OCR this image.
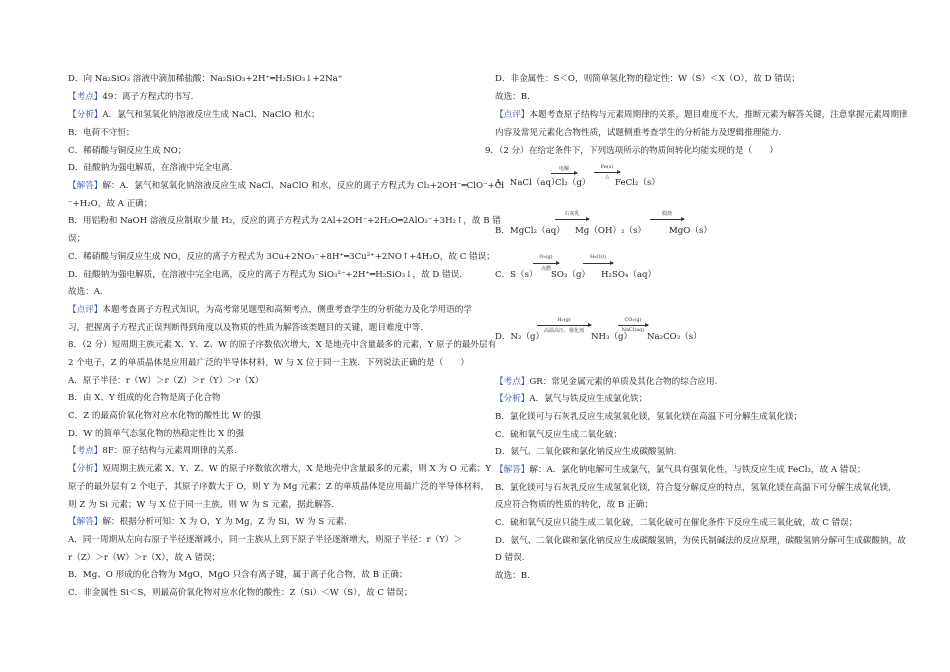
D．向 Na₂SiO₃ 溶液中滴加稀盐酸：Na₂SiO₃+2H⁺═H₂SiO₃↓+2Na⁺
【考点】49：离子方程式的书写.
【分析】A．氯气和氢氧化钠溶液反应生成 NaCl、NaClO 和水；
B．电荷不守恒；
C．稀硝酸与铜反应生成 NO；
D．硅酸钠为强电解质，在溶液中完全电离.
【解答】解：A．氯气和氢氧化钠溶液反应生成 NaCl、NaClO 和水，反应的离子方程式为 Cl₂+2OH⁻═ClO⁻+Cl
⁻+H₂O，故 A 正确；
B．用铝粉和 NaOH 溶液反应制取少量 H₂，反应的离子方程式为 2Al+2OH⁻+2H₂O═2AlO₂⁻+3H₂↑，故 B 错
误；
C．稀硝酸与铜反应生成 NO，反应的离子方程式为 3Cu+2NO₃⁻+8H⁺═3Cu²⁺+2NO↑+4H₂O，故 C 错误；
D．硅酸钠为强电解质，在溶液中完全电离，反应的离子方程式为 SiO₃²⁻+2H⁺═H₂SiO₃↓，故 D 错误.
故选：A.
【点评】本题考查离子方程式知识，为高考常见题型和高频考点，侧重考查学生的分析能力及化学用语的学
习，把握离子方程式正误判断得到角度以及物质的性质为解答该类题目的关键，题目难度中等.
8．（2 分）短周期主族元素 X、Y、Z、W 的原子序数依次增大，X 是地壳中含量最多的元素，Y 原子的最外层有
2 个电子，Z 的单质晶体是应用最广泛的半导体材料，W 与 X 位于同一主族．下列说法正确的是（　　）
A．原子半径：r（W）＞r（Z）＞r（Y）＞r（X）
B．由 X、Y 组成的化合物是离子化合物
C．Z 的最高价氧化物对应水化物的酸性比 W 的强
D．W 的简单气态氢化物的热稳定性比 X 的强
【考点】8F：原子结构与元素周期律的关系.
【分析】短周期主族元素 X、Y、Z、W 的原子序数依次增大，X 是地壳中含量最多的元素，则 X 为 O 元素；Y
原子的最外层有 2 个电子，其原子序数大于 O，则 Y 为 Mg 元素；Z 的单质晶体是应用最广泛的半导体材料，
则 Z 为 Si 元素；W 与 X 位于同一主族，则 W 为 S 元素，据此解答.
【解答】解：根据分析可知：X 为 O，Y 为 Mg，Z 为 Si，W 为 S 元素.
A．同一周期从左向右原子半径逐渐减小，同一主族从上到下原子半径逐渐增大，则原子半径：r（Y）＞
r（Z）＞r（W）＞r（X），故 A 错误；
B．Mg、O 形成的化合物为 MgO，MgO 只含有离子键，属于离子化合物，故 B 正确；
C．非金属性 Si＜S，则最高价氧化物对应水化物的酸性：Z（Si）＜W（S），故 C 错误；
D．非金属性：S＜O，则简单氢化物的稳定性：W（S）＜X（O），故 D 错误；
故选：B.
【点评】本题考查原子结构与元素周期律的关系，题目难度不大，推断元素为解答关键，注意掌握元素周期律
内容及常见元素化合物性质，试题侧重考查学生的分析能力及逻辑推理能力.
9．（2 分）在给定条件下，下列选项所示的物质间转化均能实现的是（　　）
A．NaCl（aq）
电解
Cl₂（g）
Fe(s)
△
FeCl₂（s）
B．MgCl₂（aq）
石灰乳
Mg（OH）₂（s）
煅烧
MgO（s）
C．S（s）
O₂(g)
点燃
SO₃（g）
H₂O(l)
H₂SO₄（aq）
D．N₂（g）
H₂(g)
高温高压、催化剂
NH₃（g）
CO₂(g)
NaCl(aq)
Na₂CO₃（s）
【考点】GR：常见金属元素的单质及其化合物的综合应用.
【分析】A．氯气与铁反应生成氯化铁；
B．氯化镁可与石灰乳反应生成氢氧化镁，氢氧化镁在高温下可分解生成氧化镁；
C．硫和氧气反应生成二氧化硫；
D．氨气、二氧化碳和氯化钠反应生成碳酸氢钠.
【解答】解：A．氯化钠电解可生成氯气，氯气具有强氧化性，与铁反应生成 FeCl₃，故 A 错误；
B．氯化镁可与石灰乳反应生成氢氧化镁，符合复分解反应的特点，氢氧化镁在高温下可分解生成氧化镁，
反应符合物质的性质的转化，故 B 正确；
C．硫和氧气反应只能生成二氧化硫，二氧化硫可在催化条件下反应生成三氧化硫，故 C 错误；
D．氨气、二氧化碳和氯化钠反应生成碳酸氢钠，为侯氏制碱法的反应原理，碳酸氢钠分解可生成碳酸钠，故
D 错误.
故选：B.
